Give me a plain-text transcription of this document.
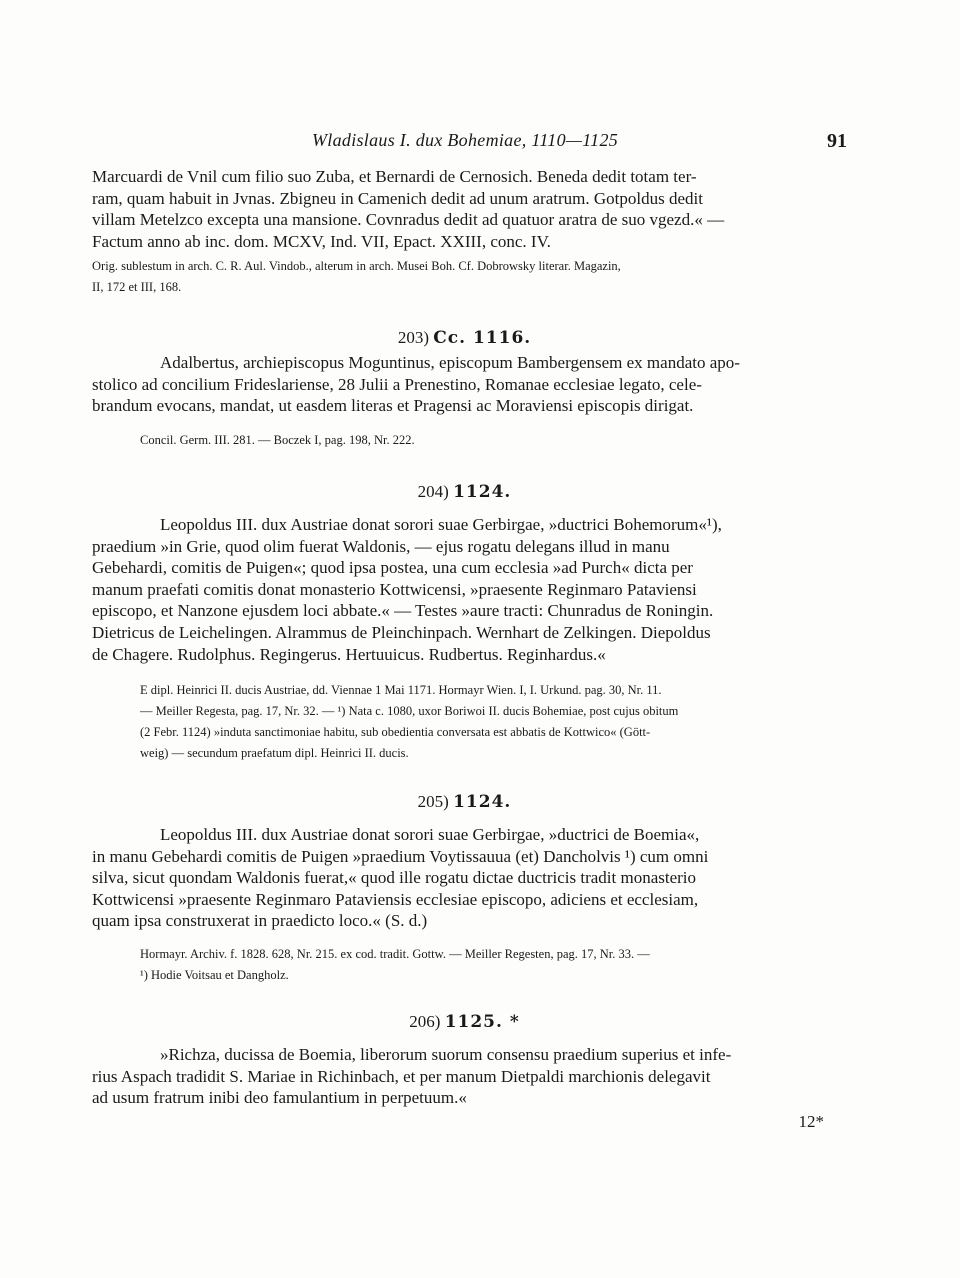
Wladislaus I. dux Bohemiae, 1110—1125	91

Marcuardi de Vnil cum filio suo Zuba, et Bernardi de Cernosich. Beneda dedit totam ter-

ram, quam habuit in Jvnas. Zbigneu in Camenich dedit ad unum aratrum. Gotpoldus dedit

villam Metelzco excepta una mansione. Covnradus dedit ad quatuor aratra de suo vgezd.« —

Factum anno ab inc. dom. MCXV, Ind. VII, Epact. XXIII, conc. IV.

Orig. sublestum in arch. C. R. Aul. Vindob., alterum in arch. Musei Boh. Cf. Dobrowsky literar. Magazin,

II, 172 et III, 168.

203) Cc. 1116.

Adalbertus, archiepiscopus Moguntinus, episcopum Bambergensem ex mandato apo-

stolico ad concilium Frideslariense, 28 Julii a Prenestino, Romanae ecclesiae legato, cele-

brandum evocans, mandat, ut easdem literas et Pragensi ac Moraviensi episcopis dirigat.

Concil. Germ. III. 281. — Boczek I, pag. 198, Nr. 222.

204) 1124.

Leopoldus III. dux Austriae donat sorori suae Gerbirgae, »ductrici Bohemorum«¹),

praedium »in Grie, quod olim fuerat Waldonis, — ejus rogatu delegans illud in manu

Gebehardi, comitis de Puigen«; quod ipsa postea, una cum ecclesia »ad Purch« dicta per

manum praefati comitis donat monasterio Kottwicensi, »praesente Reginmaro Pataviensi

episcopo, et Nanzone ejusdem loci abbate.« — Testes »aure tracti: Chunradus de Roningin.

Dietricus de Leichelingen. Alrammus de Pleinchinpach. Wernhart de Zelkingen. Diepoldus

de Chagere. Rudolphus. Regingerus. Hertuuicus. Rudbertus. Reginhardus.«

E dipl. Heinrici II. ducis Austriae, dd. Viennae 1 Mai 1171. Hormayr Wien. I, I. Urkund. pag. 30, Nr. 11.

— Meiller Regesta, pag. 17, Nr. 32. — ¹) Nata c. 1080, uxor Boriwoi II. ducis Bohemiae, post cujus obitum

(2 Febr. 1124) »induta sanctimoniae habitu, sub obedientia conversata est abbatis de Kottwico« (Gött-

weig) — secundum praefatum dipl. Heinrici II. ducis.

205) 1124.

Leopoldus III. dux Austriae donat sorori suae Gerbirgae, »ductrici de Boemia«,

in manu Gebehardi comitis de Puigen »praedium Voytissauua (et) Dancholvis ¹) cum omni

silva, sicut quondam Waldonis fuerat,« quod ille rogatu dictae ductricis tradit monasterio

Kottwicensi »praesente Reginmaro Pataviensis ecclesiae episcopo, adiciens et ecclesiam,

quam ipsa construxerat in praedicto loco.« (S. d.)

Hormayr. Archiv. f. 1828. 628, Nr. 215. ex cod. tradit. Gottw. — Meiller Regesten, pag. 17, Nr. 33. —

¹) Hodie Voitsau et Dangholz.

206) 1125. *

»Richza, ducissa de Boemia, liberorum suorum consensu praedium superius et infe-

rius Aspach tradidit S. Mariae in Richinbach, et per manum Dietpaldi marchionis delegavit

ad usum fratrum inibi deo famulantium in perpetuum.«

12*
